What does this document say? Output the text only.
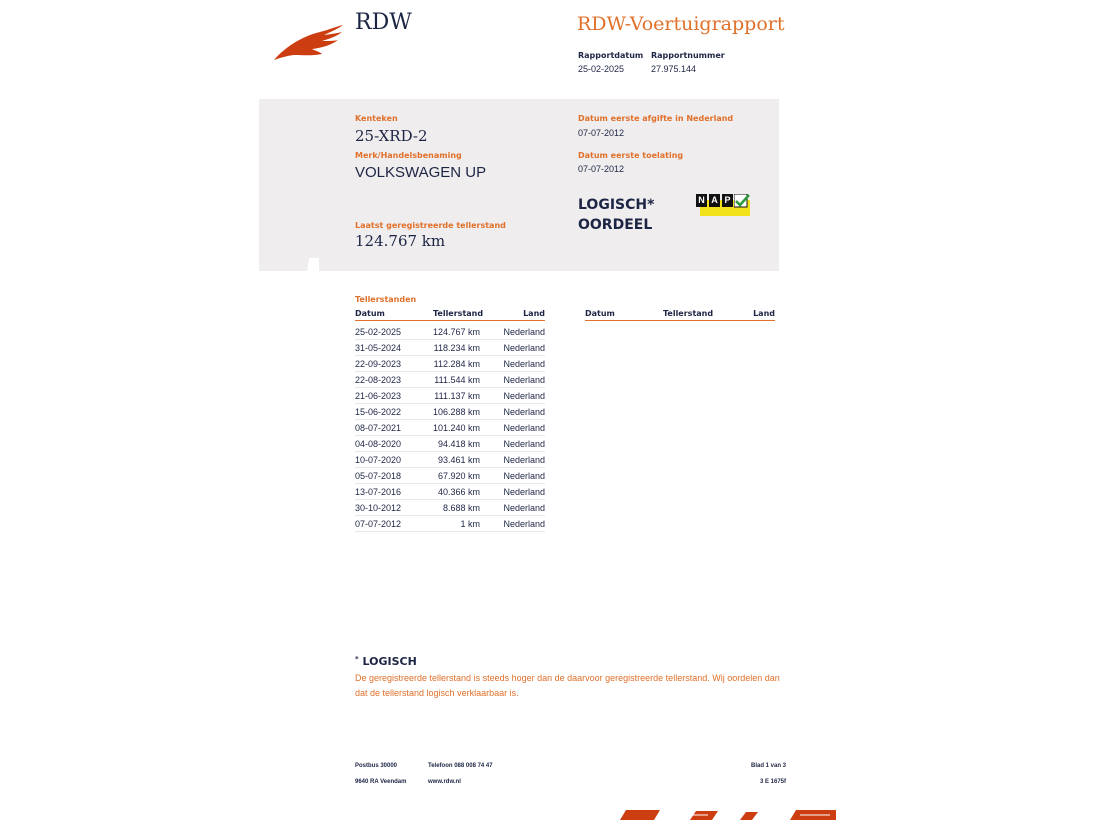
RDW	RDW-Voertuigrapport
Rapportdatum
25-02-2025
Rapportnummer
27.975.144
Kenteken
25-XRD-2
Merk/Handelsbenaming
VOLKSWAGEN UP
Laatst geregistreerde tellerstand
124.767 km
Datum eerste afgifte in Nederland
07-07-2012
Datum eerste toelating
07-07-2012
LOGISCH*
OORDEEL
N A P
Tellerstanden
Datum	Tellerstand	Land	Datum	Tellerstand	Land
25-02-2025	124.767 km	Nederland
31-05-2024	118.234 km	Nederland
22-09-2023	112.284 km	Nederland
22-08-2023	111.544 km	Nederland
21-06-2023	111.137 km	Nederland
15-06-2022	106.288 km	Nederland
08-07-2021	101.240 km	Nederland
04-08-2020	94.418 km	Nederland
10-07-2020	93.461 km	Nederland
05-07-2018	67.920 km	Nederland
13-07-2016	40.366 km	Nederland
30-10-2012	8.688 km	Nederland
07-07-2012	1 km	Nederland
* LOGISCH
De geregistreerde tellerstand is steeds hoger dan de daarvoor geregistreerde tellerstand. Wij oordelen dan
dat de tellerstand logisch verklaarbaar is.
Postbus 30000
9640 RA Veendam
Telefoon 088 008 74 47
www.rdw.nl
Blad 1 van 3
3 E 1675f
